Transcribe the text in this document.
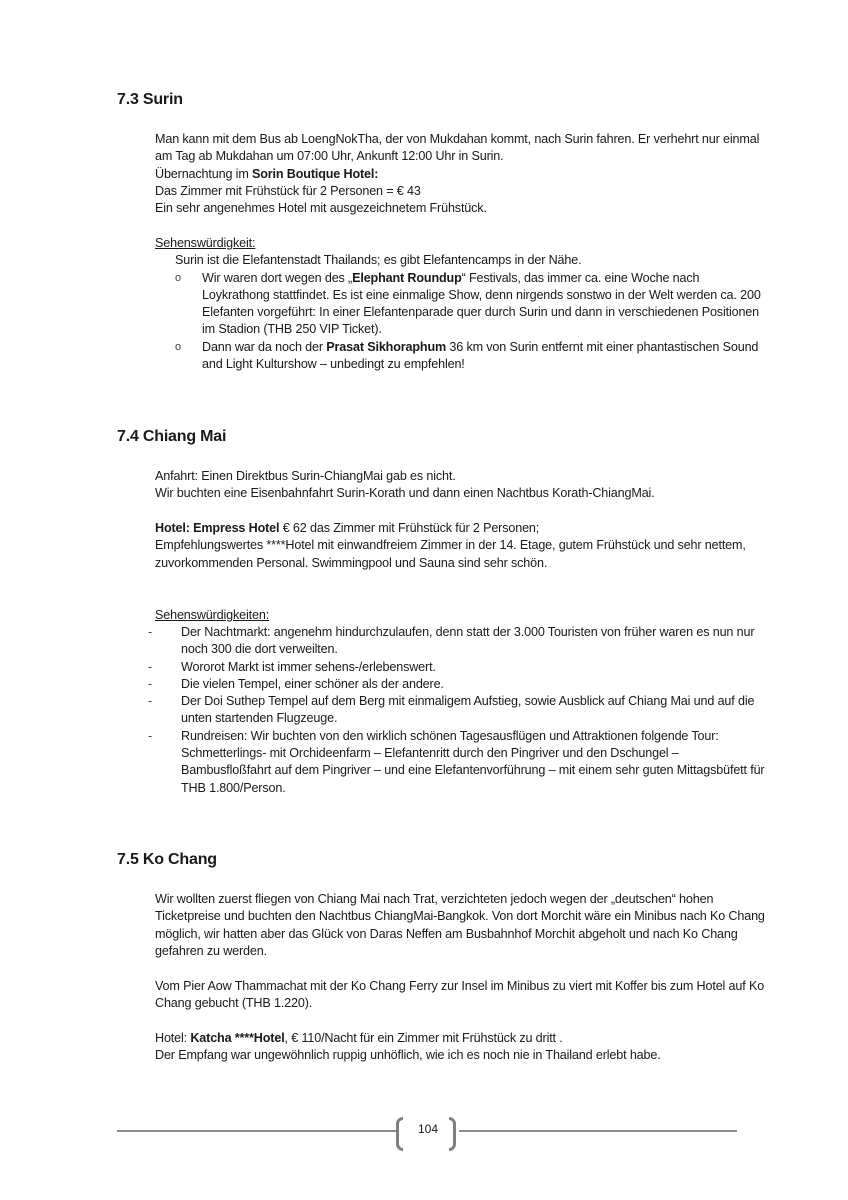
7.3 Surin

Man kann mit dem Bus ab LoengNokTha, der von Mukdahan kommt, nach Surin fahren. Er verhehrt nur einmal am Tag ab Mukdahan um 07:00 Uhr, Ankunft 12:00 Uhr in Surin.

Übernachtung im Sorin Boutique Hotel:

Das Zimmer mit Frühstück für 2 Personen = € 43

Ein sehr angenehmes Hotel mit ausgezeichnetem Frühstück.

Sehenswürdigkeit:

Surin ist die Elefantenstadt Thailands; es gibt Elefantencamps in der Nähe.

o Wir waren dort wegen des „Elephant Roundup“ Festivals, das immer ca. eine Woche nach Loykrathong stattfindet. Es ist eine einmalige Show, denn nirgends sonstwo in der Welt werden ca. 200 Elefanten vorgeführt: In einer Elefantenparade quer durch Surin und dann in verschiedenen Positionen im Stadion (THB 250 VIP Ticket).
o Dann war da noch der Prasat Sikhoraphum 36 km von Surin entfernt mit einer phantastischen Sound and Light Kulturshow – unbedingt zu empfehlen!
7.4 Chiang Mai

Anfahrt: Einen Direktbus Surin-ChiangMai gab es nicht.

Wir buchten eine Eisenbahnfahrt Surin-Korath und dann einen Nachtbus Korath-ChiangMai.

Hotel: Empress Hotel € 62 das Zimmer mit Frühstück für 2 Personen;

Empfehlungswertes ****Hotel mit einwandfreiem Zimmer in der 14. Etage, gutem Frühstück und sehr nettem, zuvorkommenden Personal. Swimmingpool und Sauna sind sehr schön.

Sehenswürdigkeiten:

- Der Nachtmarkt: angenehm hindurchzulaufen, denn statt der 3.000 Touristen von früher waren es nun nur noch 300 die dort verweilten.
- Wororot Markt ist immer sehens-/erlebenswert.
- Die vielen Tempel, einer schöner als der andere.
- Der Doi Suthep Tempel auf dem Berg mit einmaligem Aufstieg, sowie Ausblick auf Chiang Mai und auf die unten startenden Flugzeuge.
- Rundreisen: Wir buchten von den wirklich schönen Tagesausflügen und Attraktionen folgende Tour:
Schmetterlings- mit Orchideenfarm – Elefantenritt durch den Pingriver und den Dschungel – Bambusfloßfahrt auf dem Pingriver – und eine Elefantenvorführung – mit einem sehr guten Mittagsbüfett für THB 1.800/Person.
7.5 Ko Chang

Wir wollten zuerst fliegen von Chiang Mai nach Trat, verzichteten jedoch wegen der „deutschen“ hohen Ticketpreise und buchten den Nachtbus ChiangMai-Bangkok. Von dort Morchit wäre ein Minibus nach Ko Chang möglich, wir hatten aber das Glück von Daras Neffen am Busbahnhof Morchit abgeholt und nach Ko Chang gefahren zu werden.

Vom Pier Aow Thammachat mit der Ko Chang Ferry zur Insel im Minibus zu viert mit Koffer bis zum Hotel auf Ko Chang gebucht (THB 1.220).

Hotel: Katcha ****Hotel, € 110/Nacht für ein Zimmer mit Frühstück zu dritt .

Der Empfang war ungewöhnlich ruppig unhöflich, wie ich es noch nie in Thailand erlebt habe.

104
